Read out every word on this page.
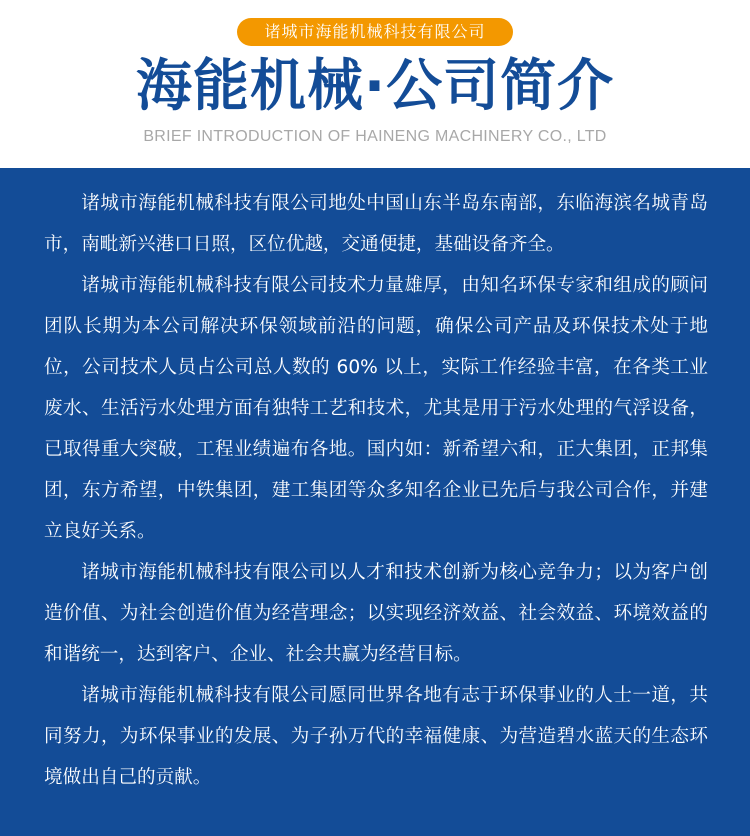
诸城市海能机械科技有限公司
海能机械·公司简介
BRIEF INTRODUCTION OF HAINENG MACHINERY CO., LTD

诸城市海能机械科技有限公司地处中国山东半岛东南部，东临海滨名城青岛市，南毗新兴港口日照，区位优越，交通便捷，基础设备齐全。

诸城市海能机械科技有限公司技术力量雄厚，由知名环保专家和组成的顾问团队长期为本公司解决环保领域前沿的问题，确保公司产品及环保技术处于地位，公司技术人员占公司总人数的 60% 以上，实际工作经验丰富，在各类工业废水、生活污水处理方面有独特工艺和技术，尤其是用于污水处理的气浮设备，已取得重大突破，工程业绩遍布各地。国内如：新希望六和，正大集团，正邦集团，东方希望，中铁集团，建工集团等众多知名企业已先后与我公司合作，并建立良好关系。

诸城市海能机械科技有限公司以人才和技术创新为核心竞争力；以为客户创造价值、为社会创造价值为经营理念；以实现经济效益、社会效益、环境效益的和谐统一，达到客户、企业、社会共赢为经营目标。

诸城市海能机械科技有限公司愿同世界各地有志于环保事业的人士一道，共同努力，为环保事业的发展、为子孙万代的幸福健康、为营造碧水蓝天的生态环境做出自己的贡献。
